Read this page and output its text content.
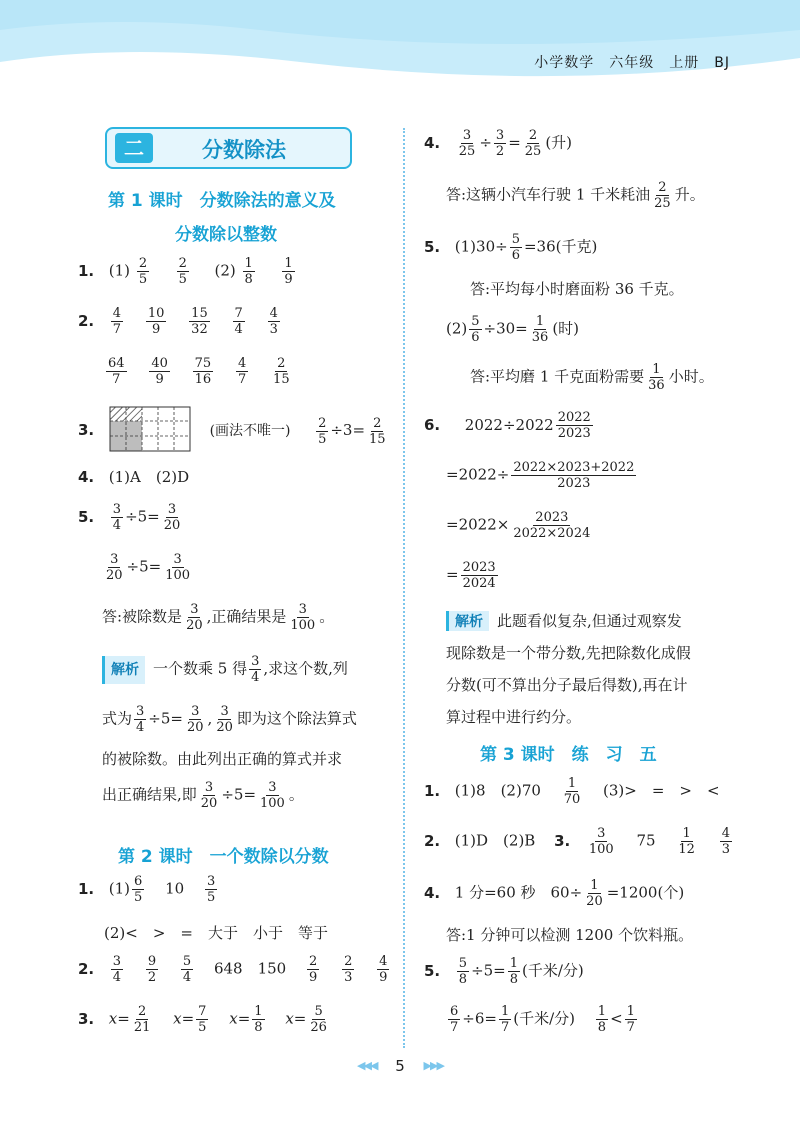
小学数学　六年级　上册　BJ
二	分数除法
第 1 课时　分数除法的意义及
分数除以整数
1. $(1) \frac{2}{5}$
$\frac{2}{5} (2) \frac{1}{8}$
$\frac{1}{9}$
2. $\frac{4}{7}$
$\frac{10}{9}$
$\frac{15}{32}$
$\frac{7}{4}$
$\frac{4}{3}$
$\frac{64}{7}$
$\frac{40}{9}$
$\frac{75}{16}$
$\frac{4}{7}$
$\frac{2}{15}$
3.	(画法不唯一) $\frac{2}{5} \div 3= \frac{2}{15}$
4. (1)A　(2)D
5. $\frac{3}{4} \div 5= \frac{3}{20}$
$\frac{3}{20} \div 5= \frac{3}{100}$
答:被除数是 $\frac{3}{20}$ ,正确结果是 $\frac{3}{100}$ 。
解析 一个数乘 5 得 $\frac{3}{4}$ ,求这个数,列
式为 $\frac{3}{4} \div 5= \frac{3}{20}$ , $\frac{3}{20}$ 即为这个除法算式
的被除数。由此列出正确的算式并求
出正确结果,即 $\frac{3}{20} \div 5= \frac{3}{100}$ 。
第 2 课时　一个数除以分数
1. $(1) \frac{6}{5} 10 \frac{3}{5}$
(2)<　>　=　大于　小于　等于
2. $\frac{3}{4}$
$\frac{9}{2}$
$\frac{5}{4} 648$　$150 \frac{2}{9}$
$\frac{2}{3}$
$\frac{4}{9}$
3. $x= \frac{2}{21} x= \frac{7}{5} x= \frac{1}{8} x= \frac{5}{26}$
4. $\frac{3}{25} \div \frac{3}{2} = \frac{2}{25}$ (升)
答:这辆小汽车行驶 1 千米耗油 $\frac{2}{25}$ 升。
5. $(1)30\div \frac{5}{6} =36$(千克)
答:平均每小时磨面粉 36 千克。
$(2) \frac{5}{6} \div 30= \frac{1}{36}$ (时)
答:平均磨 1 千克面粉需要 $\frac{1}{36}$ 小时。
6. $2022\div 2022 \frac{2022}{2023}$
$=2022\div \frac{2022\times 2023+2022}{2023}$
$=2022\times \frac{2023}{2022\times 2024}$
= $\frac{2023}{2024}$
解析 此题看似复杂,但通过观察发
现除数是一个带分数,先把除数化成假
分数(可不算出分子最后得数),再在计
算过程中进行约分。
第 3 课时　练　习　五
1. (1)8　$(2)70 \frac{1}{70} (3)>$　=　>　<
2. (1)D　(2)B 3. $\frac{3}{100} 75 \frac{1}{12}$
$\frac{4}{3}$
4. 1 分=60 秒　$60\div \frac{1}{20} =1200$(个)
答:1 分钟可以检测 1200 个饮料瓶。
5. $\frac{5}{8} \div 5= \frac{1}{8}$ (千米/分)
$\frac{6}{7} \div 6= \frac{1}{7}$ (千米/分) $\frac{1}{8} < \frac{1}{7}$
◀◀◀ 5 ▶▶▶
